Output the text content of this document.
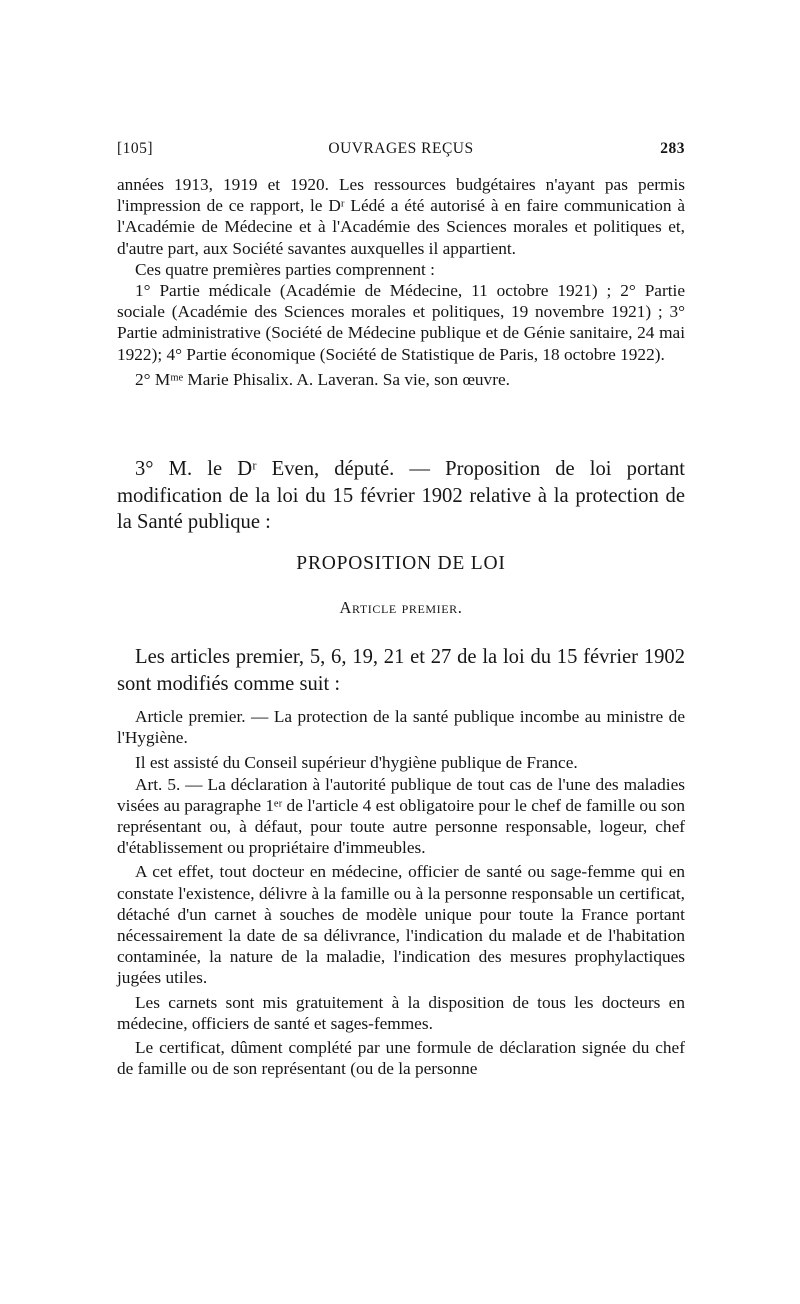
[105]	OUVRAGES REÇUS	283

années 1913, 1919 et 1920. Les ressources budgétaires n'ayant pas permis l'impression de ce rapport, le Dʳ Lédé a été autorisé à en faire communication à l'Académie de Médecine et à l'Académie des Sciences morales et politiques et, d'autre part, aux Société savantes auxquelles il appartient.

Ces quatre premières parties comprennent :

1° Partie médicale (Académie de Médecine, 11 octobre 1921) ; 2° Partie sociale (Académie des Sciences morales et politiques, 19 novembre 1921) ; 3° Partie administrative (Société de Médecine publique et de Génie sanitaire, 24 mai 1922); 4° Partie économique (Société de Statistique de Paris, 18 octobre 1922).

2° Mᵐᵉ Marie Phisalix. A. Laveran. Sa vie, son œuvre.

3° M. le Dʳ Even, député. — Proposition de loi portant modification de la loi du 15 février 1902 relative à la protection de la Santé publique :

PROPOSITION DE LOI
Article premier.

Les articles premier, 5, 6, 19, 21 et 27 de la loi du 15 février 1902 sont modifiés comme suit :

Article premier. — La protection de la santé publique incombe au ministre de l'Hygiène.

Il est assisté du Conseil supérieur d'hygiène publique de France.

Art. 5. — La déclaration à l'autorité publique de tout cas de l'une des maladies visées au paragraphe 1ᵉʳ de l'article 4 est obligatoire pour le chef de famille ou son représentant ou, à défaut, pour toute autre personne responsable, logeur, chef d'établissement ou propriétaire d'immeubles.

A cet effet, tout docteur en médecine, officier de santé ou sage-femme qui en constate l'existence, délivre à la famille ou à la personne responsable un certificat, détaché d'un carnet à souches de modèle unique pour toute la France portant nécessairement la date de sa délivrance, l'indication du malade et de l'habitation contaminée, la nature de la maladie, l'indication des mesures prophylactiques jugées utiles.

Les carnets sont mis gratuitement à la disposition de tous les docteurs en médecine, officiers de santé et sages-femmes.

Le certificat, dûment complété par une formule de déclaration signée du chef de famille ou de son représentant (ou de la personne
